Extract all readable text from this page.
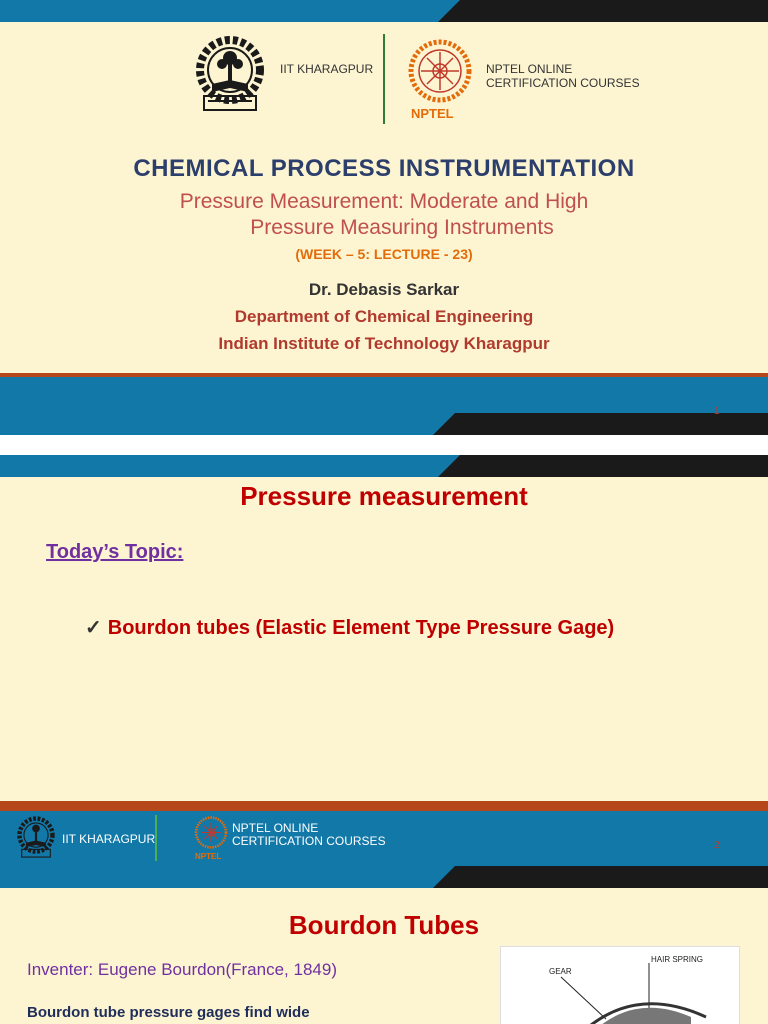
IIT KHARAGPUR
NPTEL
NPTEL ONLINE
CERTIFICATION COURSES
CHEMICAL PROCESS INSTRUMENTATION
Pressure Measurement: Moderate and High
Pressure Measuring Instruments
(WEEK – 5: LECTURE - 23)
Dr. Debasis Sarkar
Department of Chemical Engineering
Indian Institute of Technology Kharagpur
1
Pressure measurement
Today’s Topic:
✓ Bourdon tubes (Elastic Element Type Pressure Gage)
IIT KHARAGPUR
NPTEL
NPTEL ONLINE
CERTIFICATION COURSES	2
Bourdon Tubes
Inventer: Eugene Bourdon(France, 1849)
Bourdon tube pressure gages find wide
HAIR SPRING
GEAR
